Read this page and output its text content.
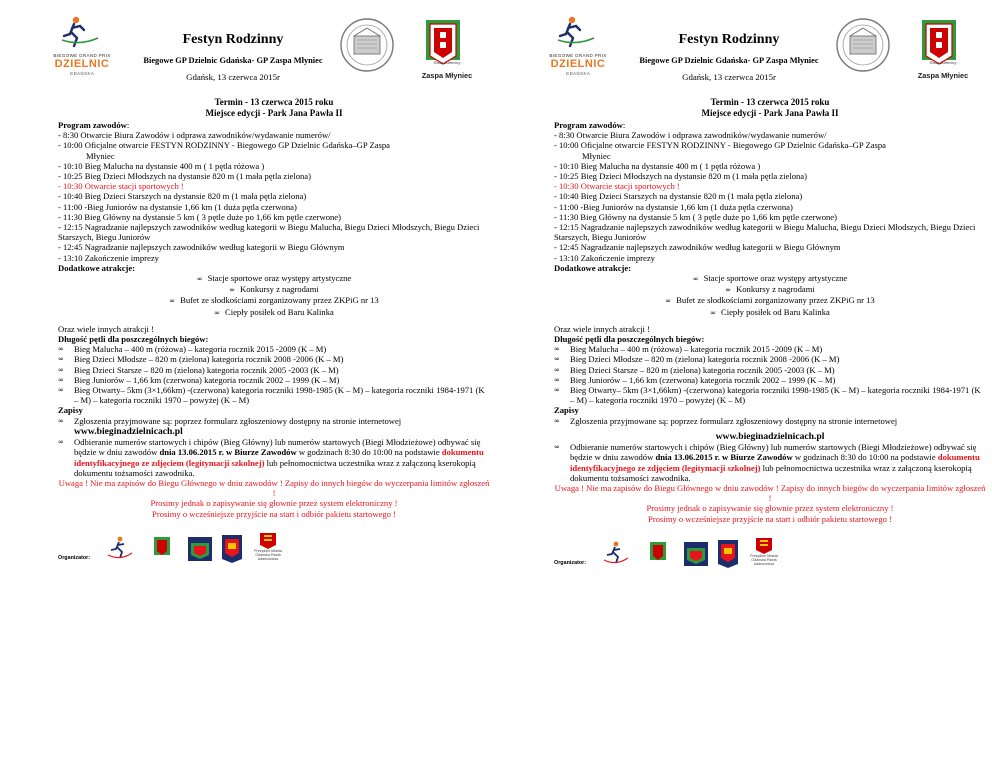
BIEGOWE GRAND PRIX
DZIELNIC
GDAŃSKA
Festyn Rodzinny
Biegowe GP Dzielnic Gdańska- GP Zaspa Młyniec
Gdańsk, 13 czerwca 2015r
Rada Dzielnicy
Zaspa Młyniec
Termin - 13 czerwca 2015 roku
Miejsce edycji - Park Jana Pawła II
Program zawodów:
- 8:30 Otwarcie Biura Zawodów i odprawa zawodników/wydawanie numerów/
- 10:00 Oficjalne otwarcie FESTYN RODZINNY - Biegowego GP Dzielnic Gdańska–GP Zaspa
Młyniec
- 10:10 Bieg Malucha na dystansie 400 m ( 1 pętla różowa )
- 10:25 Bieg Dzieci Młodszych na dystansie 820 m (1 mała pętla zielona)
- 10:30 Otwarcie stacji sportowych !
- 10:40 Bieg Dzieci Starszych na dystansie 820 m (1 mała pętla zielona)
- 11:00 -Bieg Juniorów na dystansie 1,66 km (1 duża pętla czerwona)
- 11:30 Bieg Główny na dystansie 5 km ( 3 pętle duże po 1,66 km pętle czerwone)
- 12:15 Nagradzanie najlepszych zawodników według kategorii w Biegu Malucha, Biegu Dzieci Młodszych, Biegu Dzieci Starszych, Biegu Juniorów
- 12:45 Nagradzanie najlepszych zawodników według kategorii w Biegu Głównym
- 13:10 Zakończenie imprezy
Dodatkowe atrakcje:
∞ Stacje sportowe oraz występy artystyczne
∞ Konkursy z nagrodami
∞ Bufet ze słodkościami zorganizowany przez ZKPiG nr 13
∞ Ciepły posiłek od Baru Kalinka
Oraz wiele innych atrakcji !
Długość pętli dla poszczególnych biegów:
∞ Bieg Malucha – 400 m (różowa) – kategoria rocznik 2015 -2009 (K – M)
∞ Bieg Dzieci Młodsze – 820 m (zielona) kategoria rocznik 2008 -2006 (K – M)
∞ Bieg Dzieci Starsze – 820 m (zielona) kategoria rocznik 2005 -2003 (K – M)
∞ Bieg Juniorów – 1,66 km (czerwona) kategoria rocznik 2002 – 1999 (K – M)
∞ Bieg Otwarty– 5km (3×1,66km) -(czerwona) kategoria roczniki 1998-1985 (K – M) – kategoria roczniki 1984-1971 (K – M) – kategoria roczniki 1970 – powyżej (K – M)
Zapisy
∞ Zgłoszenia przyjmowane są: poprzez formularz zgłoszeniowy dostępny na stronie internetowej www.bieginadzielnicach.pl
∞ Odbieranie numerów startowych i chipów (Bieg Główny) lub numerów startowych (Biegi Młodzieżowe) odbywać się będzie w dniu zawodów dnia 13.06.2015 r. w Biurze Zawodów w godzinach 8:30 do 10:00 na podstawie dokumentu identyfikacyjnego ze zdjęciem (legitymacji szkolnej) lub pełnomocnictwa uczestnika wraz z załączoną kserokopią dokumentu tożsamości zawodnika.
Uwaga ! Nie ma zapisów do Biegu Głównego w dniu zawodów ! Zapisy do innych biegów do wyczerpania limitów zgłoszeń !
Prosimy jednak o zapisywanie się głownie przez system elektroniczny !
Prosimy o wcześniejsze przyjście na start i odbiór pakietu startowego !
Organizator:
Prezydent Miasta Gdańska Pawła Adamowicza
BIEGOWE GRAND PRIX
DZIELNIC
GDAŃSKA
Festyn Rodzinny
Biegowe GP Dzielnic Gdańska- GP Zaspa Młyniec
Gdańsk, 13 czerwca 2015r
Rada Dzielnicy
Zaspa Młyniec
Termin - 13 czerwca 2015 roku
Miejsce edycji - Park Jana Pawła II
Program zawodów:
- 8:30 Otwarcie Biura Zawodów i odprawa zawodników/wydawanie numerów/
- 10:00 Oficjalne otwarcie FESTYN RODZINNY - Biegowego GP Dzielnic Gdańska–GP Zaspa
Młyniec
- 10:10 Bieg Malucha na dystansie 400 m ( 1 pętla różowa )
- 10:25 Bieg Dzieci Młodszych na dystansie 820 m (1 mała pętla zielona)
- 10:30 Otwarcie stacji sportowych !
- 10:40 Bieg Dzieci Starszych na dystansie 820 m (1 mała pętla zielona)
- 11:00 -Bieg Juniorów na dystansie 1,66 km (1 duża pętla czerwona)
- 11:30 Bieg Główny na dystansie 5 km ( 3 pętle duże po 1,66 km pętle czerwone)
- 12:15 Nagradzanie najlepszych zawodników według kategorii w Biegu Malucha, Biegu Dzieci Młodszych, Biegu Dzieci Starszych, Biegu Juniorów
- 12:45 Nagradzanie najlepszych zawodników według kategorii w Biegu Głównym
- 13:10 Zakończenie imprezy
Dodatkowe atrakcje:
∞ Stacje sportowe oraz występy artystyczne
∞ Konkursy z nagrodami
∞ Bufet ze słodkościami zorganizowany przez ZKPiG nr 13
∞ Ciepły posiłek od Baru Kalinka
Oraz wiele innych atrakcji !
Długość pętli dla poszczególnych biegów:
∞ Bieg Malucha – 400 m (różowa) – kategoria rocznik 2015 -2009 (K – M)
∞ Bieg Dzieci Młodsze – 820 m (zielona) kategoria rocznik 2008 -2006 (K – M)
∞ Bieg Dzieci Starsze – 820 m (zielona) kategoria rocznik 2005 -2003 (K – M)
∞ Bieg Juniorów – 1,66 km (czerwona) kategoria rocznik 2002 – 1999 (K – M)
∞ Bieg Otwarty– 5km (3×1,66km) -(czerwona) kategoria roczniki 1998-1985 (K – M) – kategoria roczniki 1984-1971 (K – M) – kategoria roczniki 1970 – powyżej (K – M)
Zapisy
∞ Zgłoszenia przyjmowane są: poprzez formularz zgłoszeniowy dostępny na stronie internetowej
www.bieginadzielnicach.pl
∞ Odbieranie numerów startowych i chipów (Bieg Główny) lub numerów startowych (Biegi Młodzieżowe) odbywać się będzie w dniu zawodów dnia 13.06.2015 r. w Biurze Zawodów w godzinach 8:30 do 10:00 na podstawie dokumentu identyfikacyjnego ze zdjęciem (legitymacji szkolnej) lub pełnomocnictwa uczestnika wraz z załączoną kserokopią dokumentu tożsamości zawodnika.
Uwaga ! Nie ma zapisów do Biegu Głównego w dniu zawodów ! Zapisy do innych biegów do wyczerpania limitów zgłoszeń !
Prosimy jednak o zapisywanie się głownie przez system elektroniczny !
Prosimy o wcześniejsze przyjście na start i odbiór pakietu startowego !
Organizator:
Prezydent Miasta Gdańska Pawła Adamowicza
